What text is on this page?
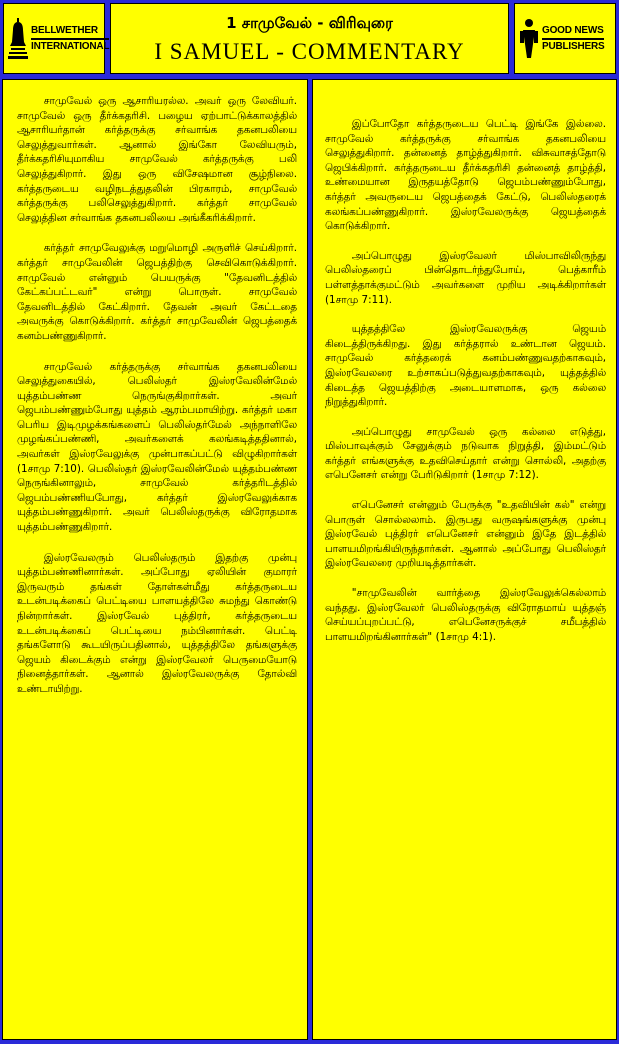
BELLWETHER
INTERNATIONAL
1 சாமுவேல் - விரிவுரை
I SAMUEL - COMMENTARY
GOOD NEWS
PUBLISHERS

சாமுவேல் ஒரு ஆசாரியரல்ல. அவர் ஒரு லேவியர். சாமுவேல் ஒரு தீர்க்கதரிசி. பழைய ஏற்பாட்டுக்காலத்தில் ஆசாரியர்தான் கர்த்தருக்கு சர்வாங்க தகனபலியை செலுத்துவார்கள். ஆனால் இங்கோ லேவியரும், தீர்க்கதரிசியுமாகிய சாமுவேல் கர்த்தருக்கு பலி செலுத்துகிறார். இது ஒரு விசேஷமான சூழ்நிலை. கர்த்தருடைய வழிநடத்துதலின் பிரகாரம், சாமுவேல் கர்த்தருக்கு பலிசெலுத்துகிறார். கர்த்தர் சாமுவேல் செலுத்தின சர்வாங்க தகனபலியை அங்கீகரிக்கிறார்.

கர்த்தர் சாமுவேலுக்கு மறுமொழி அருளிச் செய்கிறார். கர்த்தர் சாமுவேலின் ஜெபத்திற்கு செவிகொடுக்கிறார். சாமுவேல் என்னும் பெயருக்கு "தேவனிடத்தில் கேட்கப்பட்டவர்" என்று பொருள். சாமுவேல் தேவனிடத்தில் கேட்கிறார். தேவன் அவர் கேட்டதை அவருக்கு கொடுக்கிறார். கர்த்தர் சாமுவேலின் ஜெபத்தைக் கனம்பண்ணுகிறார்.

சாமுவேல் கர்த்தருக்கு சர்வாங்க தகனபலியை செலுத்துகையில், பெலிஸ்தர் இஸ்ரவேலின்மேல் யுத்தம்பண்ண நெருங்குகிறார்கள். அவர் ஜெபம்பண்ணும்போது யுத்தம் ஆரம்பமாயிற்று. கர்த்தர் மகா பெரிய இடிமுழக்கங்களைப் பெலிஸ்தர்மேல் அந்நாளிலே முழங்கப்பண்ணி, அவர்களைக் கலங்கடித்ததினால், அவர்கள் இஸ்ரவேலுக்கு முன்பாகப்பட்டு விழுகிறார்கள் (1சாமு 7:10). பெலிஸ்தர் இஸ்ரவேலின்மேல் யுத்தம்பண்ண நெருங்கினாலும், சாமுவேல் கர்த்தரிடத்தில் ஜெபம்பண்ணியபோது, கர்த்தர் இஸ்ரவேலுக்காக யுத்தம்பண்ணுகிறார். அவர் பெலிஸ்தருக்கு விரோதமாக யுத்தம்பண்ணுகிறார்.

இஸ்ரவேலரும் பெலிஸ்தரும் இதற்கு முன்பு யுத்தம்பண்ணினார்கள். அப்போது ஏலியின் குமாரர் இருவரும் தங்கள் தோள்கள்மீது கர்த்தருடைய உடன்படிக்கைப் பெட்டியை பாளயத்திலே சுமந்து கொண்டு நின்றார்கள். இஸ்ரவேல் புத்திரர், கர்த்தருடைய உடன்படிக்கைப் பெட்டியை நம்பினார்கள். பெட்டி தங்களோடு கூடயிருப்பதினால், யுத்தத்திலே தங்களுக்கு ஜெயம் கிடைக்கும் என்று இஸ்ரவேலர் பெருமையோடு நினைத்தார்கள். ஆனால் இஸ்ரவேலருக்கு தோல்வி உண்டாயிற்று.

இப்போதோ கர்த்தருடைய பெட்டி இங்கே இல்லை. சாமுவேல் கர்த்தருக்கு சர்வாங்க தகனபலியை செலுத்துகிறார். தன்னைத் தாழ்த்துகிறார். விசுவாசத்தோடு ஜெபிக்கிறார். கர்த்தருடைய தீர்க்கதரிசி தன்னைத் தாழ்த்தி, உண்மையான இருதயத்தோடு ஜெபம்பண்ணும்போது, கர்த்தர் அவருடைய ஜெபத்தைக் கேட்டு, பெலிஸ்தரைக் கலங்கப்பண்ணுகிறார். இஸ்ரவேலருக்கு ஜெயத்தைக் கொடுக்கிறார்.

அப்பொழுது இஸ்ரவேலர் மிஸ்பாவிலிருந்து பெலிஸ்தரைப் பின்தொடர்ந்துபோய், பெத்காரீம் பள்ளத்தாக்குமட்டும் அவர்களை முறிய அடிக்கிறார்கள் (1சாமு 7:11).

யுத்தத்திலே இஸ்ரவேலருக்கு ஜெயம் கிடைத்திருக்கிறது. இது கர்த்தரால் உண்டான ஜெயம். சாமுவேல் கர்த்தரைக் கனம்பண்ணுவதற்காகவும், இஸ்ரவேலரை உற்சாகப்படுத்துவதற்காகவும், யுத்தத்தில் கிடைத்த ஜெயத்திற்கு அடையாளமாக, ஒரு கல்லை நிறுத்துகிறார்.

அப்பொழுது சாமுவேல் ஒரு கல்லை எடுத்து, மிஸ்பாவுக்கும் சேனுக்கும் நடுவாக நிறுத்தி, இம்மட்டும் கர்த்தர் எங்களுக்கு உதவிசெய்தார் என்று சொல்லி, அதற்கு எபெனேசர் என்று பேரிடுகிறார் (1சாமு 7:12).

எபெனேசர் என்னும் பேருக்கு "உதவியின் கல்" என்று பொருள் சொல்லலாம். இருபது வருஷங்களுக்கு முன்பு இஸ்ரவேல் புத்திரர் எபெனேசர் என்னும் இதே இடத்தில் பாளயமிறங்கியிருந்தார்கள். ஆனால் அப்போது பெலிஸ்தர் இஸ்ரவேலரை முறியடித்தார்கள்.

"சாமுவேலின் வார்த்தை இஸ்ரவேலுக்கெல்லாம் வந்தது. இஸ்ரவேலர் பெலிஸ்தருக்கு விரோதமாய் யுத்தஞ் செய்யப்புறப்பட்டு, எபெனேசருக்குச் சமீபத்தில் பாளயமிறங்கினார்கள்" (1சாமு 4:1).
